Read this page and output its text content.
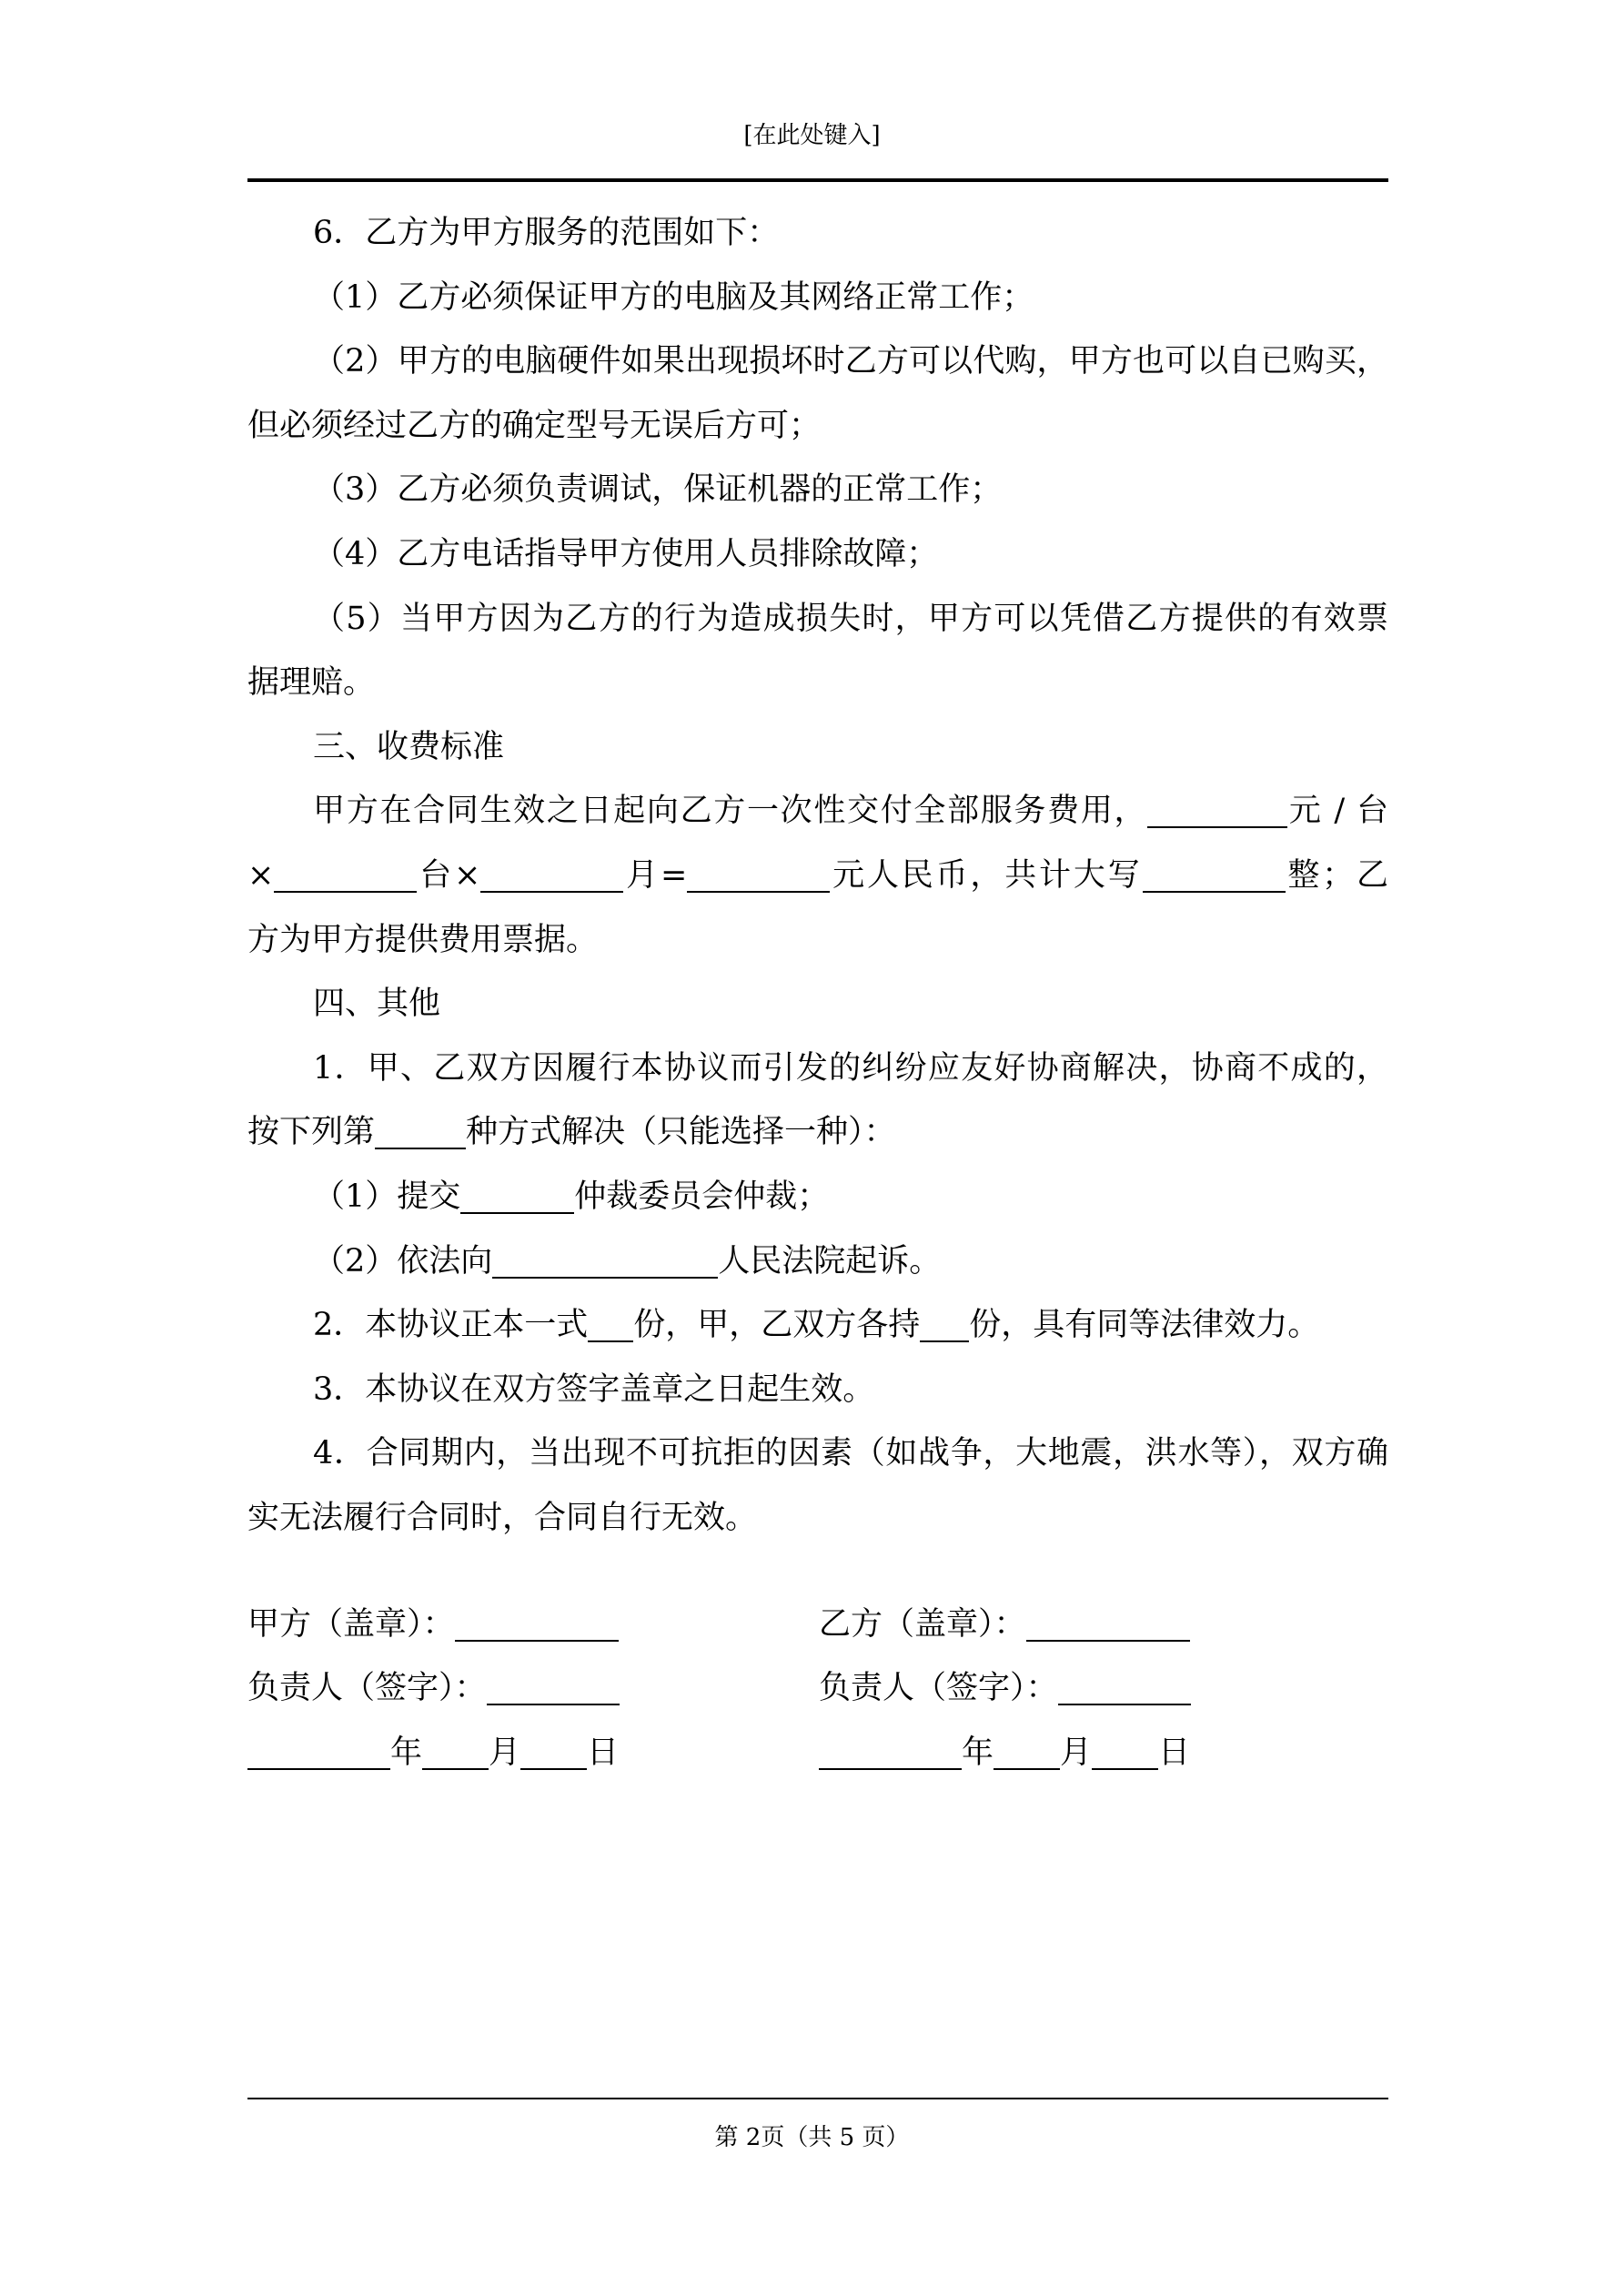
[在此处键入]
6．乙方为甲方服务的范围如下：
（1）乙方必须保证甲方的电脑及其网络正常工作；
（2）甲方的电脑硬件如果出现损坏时乙方可以代购，甲方也可以自已购买，
但必须经过乙方的确定型号无误后方可；
（3）乙方必须负责调试，保证机器的正常工作；
（4）乙方电话指导甲方使用人员排除故障；
（5）当甲方因为乙方的行为造成损失时，甲方可以凭借乙方提供的有效票
据理赔。
三、收费标准
甲方在合同生效之日起向乙方一次性交付全部服务费用，	元 / 台
×	台×	月=	元人民币，共计大写	整；乙
方为甲方提供费用票据。
四、其他
1．甲、乙双方因履行本协议而引发的纠纷应友好协商解决，协商不成的，
按下列第	种方式解决（只能选择一种）：
（1）提交	仲裁委员会仲裁；
（2）依法向	人民法院起诉。
2．本协议正本一式 份，甲，乙双方各持 份，具有同等法律效力。
3．本协议在双方签字盖章之日起生效。
4．合同期内，当出现不可抗拒的因素（如战争，大地震，洪水等），双方确
实无法履行合同时，合同自行无效。
甲方（盖章）：
负责人（签字）：
年 月 日
乙方（盖章）：
负责人（签字）：
年 月 日
第 2页（共 5 页）
